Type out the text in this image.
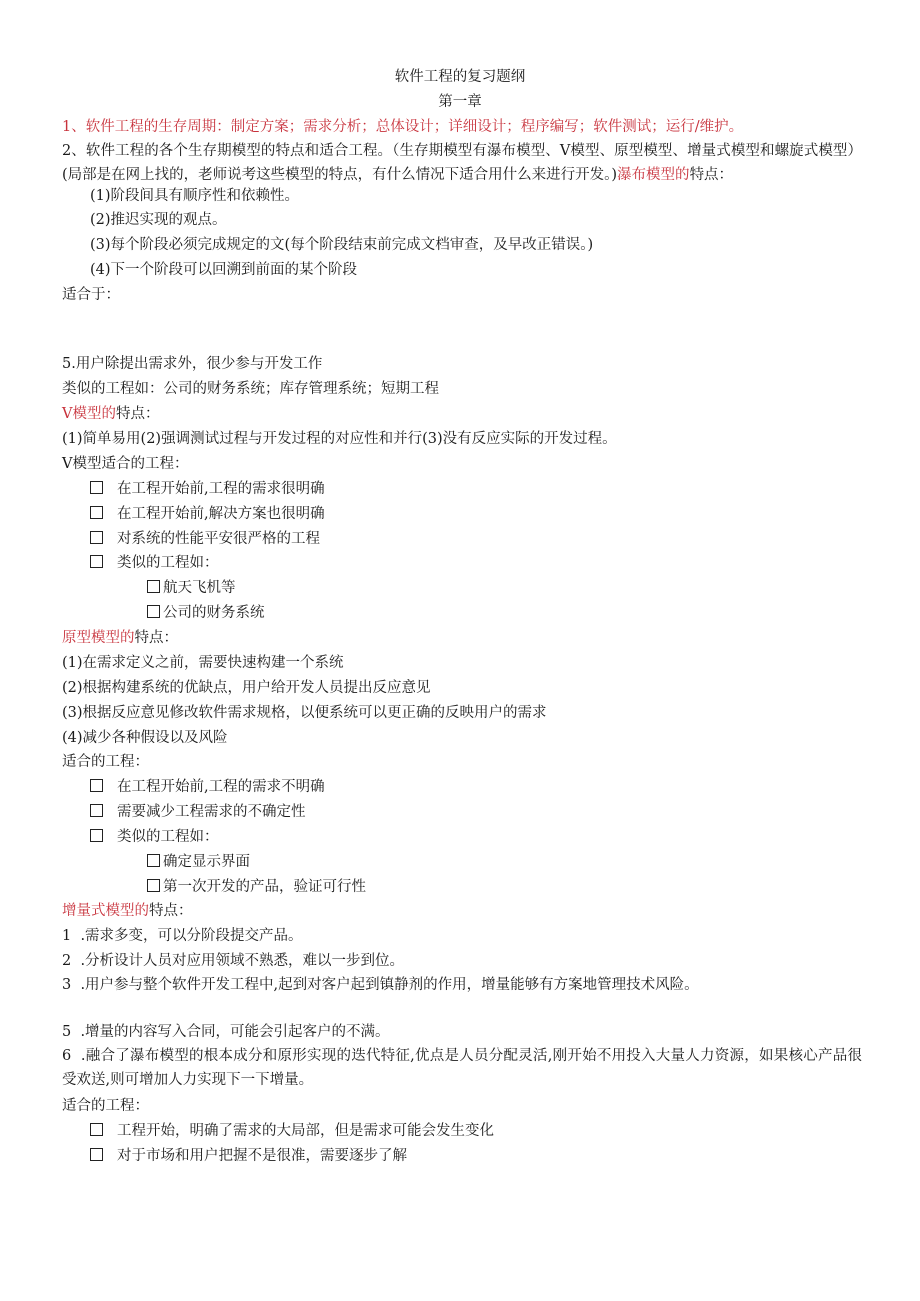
软件工程的复习题纲
第一章
1、软件工程的生存周期：制定方案；需求分析；总体设计；详细设计；程序编写；软件测试；运行/维护。
2、软件工程的各个生存期模型的特点和适合工程。（生存期模型有瀑布模型、V模型、原型模型、增量式模型和螺旋式模型）(局部是在网上找的，老师说考这些模型的特点，有什么情况下适合用什么来进行开发。)瀑布模型的特点：
(1)阶段间具有顺序性和依赖性。
(2)推迟实现的观点。
(3)每个阶段必须完成规定的文(每个阶段结束前完成文档审查，及早改正错误。)
(4)下一个阶段可以回溯到前面的某个阶段
适合于：
5.用户除提出需求外，很少参与开发工作
类似的工程如：公司的财务系统；库存管理系统；短期工程
V模型的特点：
(1)简单易用(2)强调测试过程与开发过程的对应性和并行(3)没有反应实际的开发过程。
V模型适合的工程：
在工程开始前,工程的需求很明确
在工程开始前,解决方案也很明确
对系统的性能平安很严格的工程
类似的工程如：
航天飞机等
公司的财务系统
原型模型的特点：
(1)在需求定义之前，需要快速构建一个系统
(2)根据构建系统的优缺点，用户给开发人员提出反应意见
(3)根据反应意见修改软件需求规格，以便系统可以更正确的反映用户的需求
(4)减少各种假设以及风险
适合的工程：
在工程开始前,工程的需求不明确
需要减少工程需求的不确定性
类似的工程如：
确定显示界面
第一次开发的产品，验证可行性
增量式模型的特点：
1  .需求多变，可以分阶段提交产品。
2  .分析设计人员对应用领域不熟悉，难以一步到位。
3  .用户参与整个软件开发工程中,起到对客户起到镇静剂的作用，增量能够有方案地管理技术风险。
5  .增量的内容写入合同，可能会引起客户的不满。
6  .融合了瀑布模型的根本成分和原形实现的迭代特征,优点是人员分配灵活,刚开始不用投入大量人力资源，如果核心产品很受欢送,则可增加人力实现下一下增量。
适合的工程：
工程开始，明确了需求的大局部，但是需求可能会发生变化
对于市场和用户把握不是很准，需要逐步了解
